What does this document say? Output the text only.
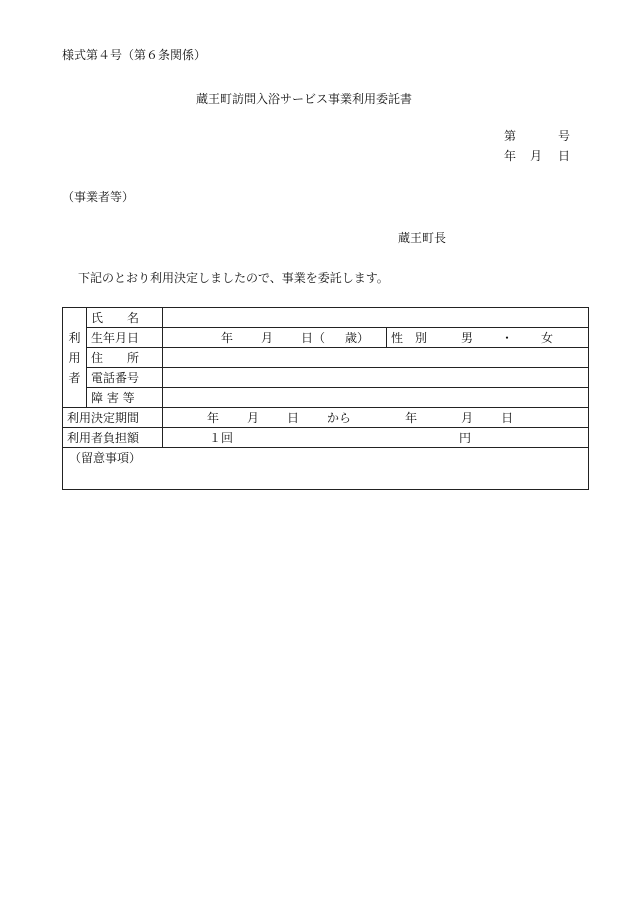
様式第４号（第６条関係）
蔵王町訪問入浴サービス事業利用委託書
第	号
年 月 日
（事業者等）
蔵王町長
下記のとおり利用決定しましたので、事業を委託します。
利
用
者	氏　　名		
	生年月日	年 月 日（ 歳）	性　別 男 ・ 女
	住　　所		
	電話番号		
	障 害 等		
利用決定期間		年 月 日 から 年 月 日	
利用者負担額		１回 円	
（留意事項）			
